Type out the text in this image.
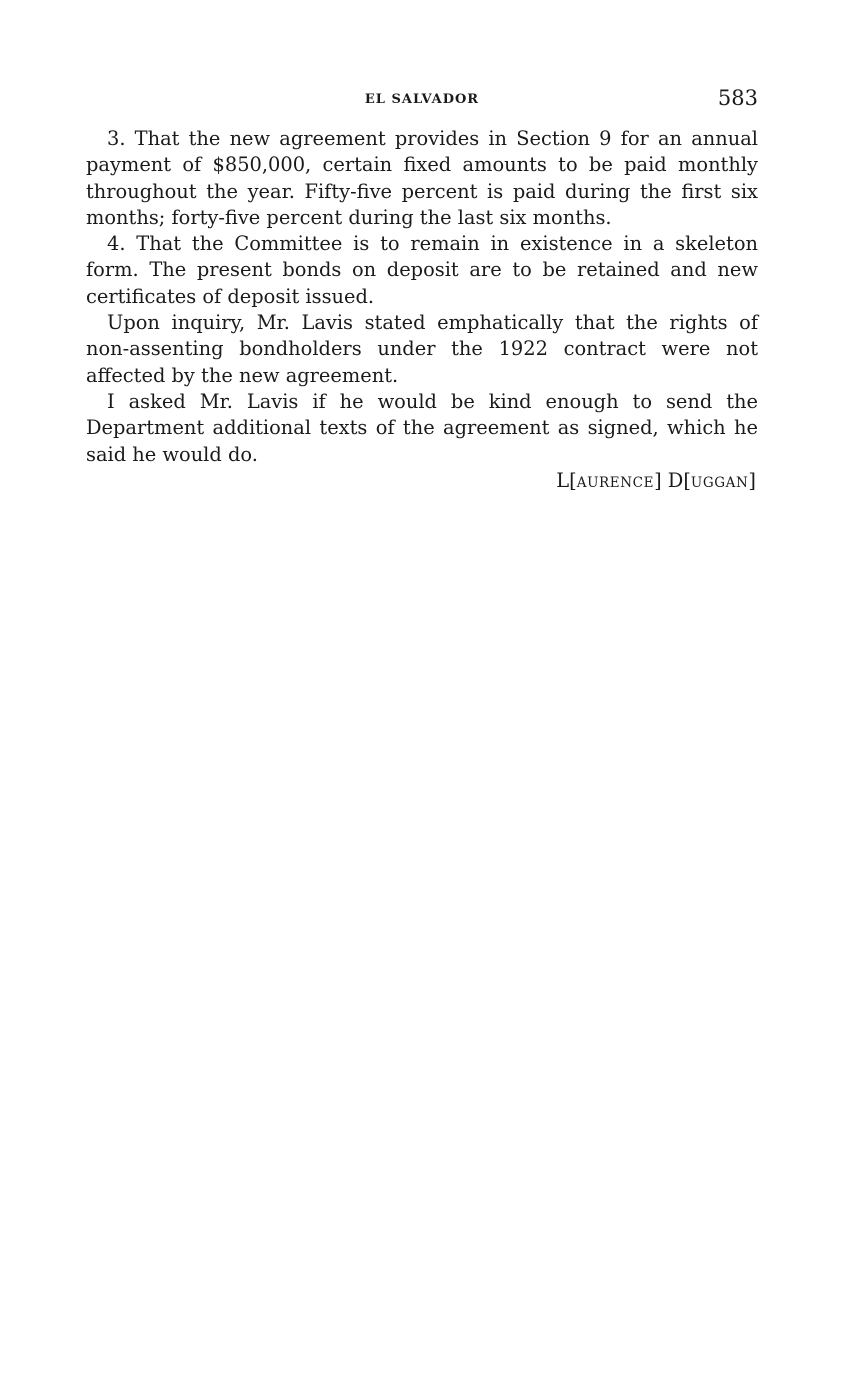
EL SALVADOR	583

3. That the new agreement provides in Section 9 for an annual payment of $850,000, certain fixed amounts to be paid monthly throughout the year. Fifty-five percent is paid during the first six months; forty-five percent during the last six months.

4. That the Committee is to remain in existence in a skeleton form. The present bonds on deposit are to be retained and new certificates of deposit issued.

Upon inquiry, Mr. Lavis stated emphatically that the rights of non-assenting bondholders under the 1922 contract were not affected by the new agreement.

I asked Mr. Lavis if he would be kind enough to send the Department additional texts of the agreement as signed, which he said he would do.

L[AURENCE] D[UGGAN]
